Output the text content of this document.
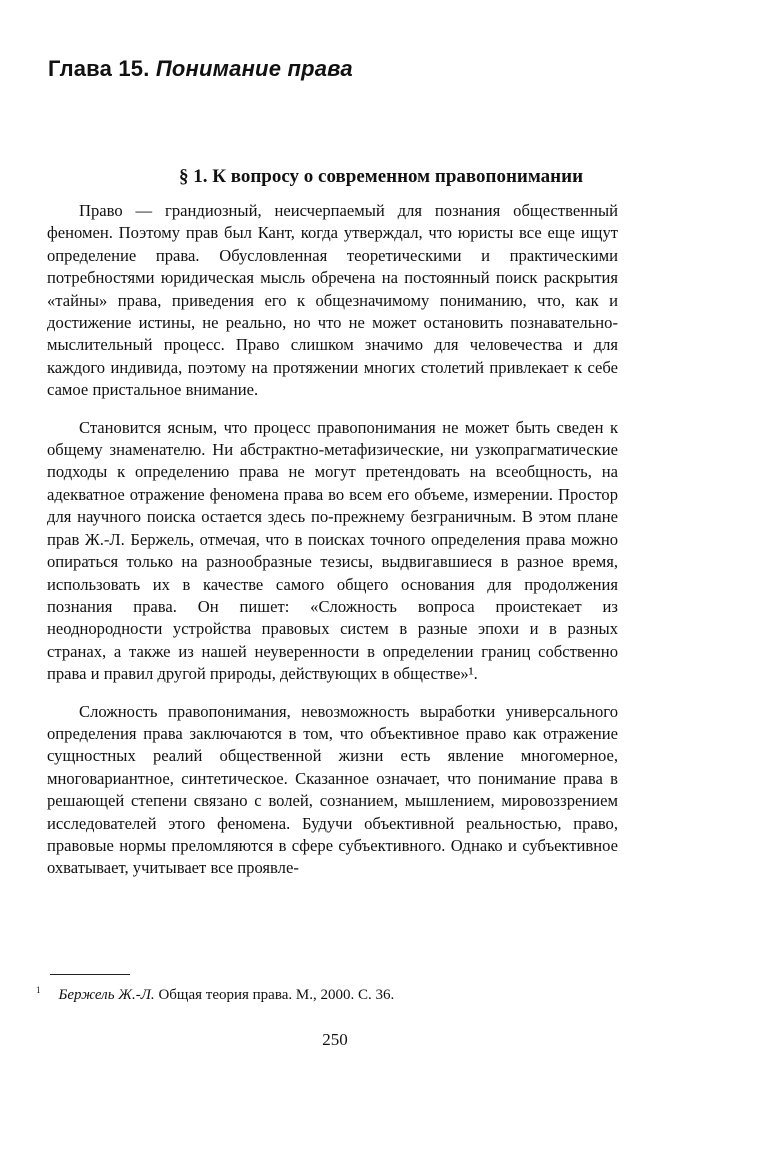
Глава 15. Понимание права
§ 1. К вопросу о современном правопонимании

Право — грандиозный, неисчерпаемый для познания общественный феномен. Поэтому прав был Кант, когда утверждал, что юристы все еще ищут определение права. Обусловленная теоретическими и практическими потребностями юридическая мысль обречена на постоянный поиск раскрытия «тайны» права, приведения его к общезначимому пониманию, что, как и достижение истины, не реально, но что не может остановить познавательно-мыслительный процесс. Право слишком значимо для человечества и для каждого индивида, поэтому на протяжении многих столетий привлекает к себе самое пристальное внимание.

Становится ясным, что процесс правопонимания не может быть сведен к общему знаменателю. Ни абстрактно-метафизические, ни узкопрагматические подходы к определению права не могут претендовать на всеобщность, на адекватное отражение феномена права во всем его объеме, измерении. Простор для научного поиска остается здесь по-прежнему безграничным. В этом плане прав Ж.-Л. Бержель, отмечая, что в поисках точного определения права можно опираться только на разнообразные тезисы, выдвигавшиеся в разное время, использовать их в качестве самого общего основания для продолжения познания права. Он пишет: «Сложность вопроса проистекает из неоднородности устройства правовых систем в разные эпохи и в разных странах, а также из нашей неуверенности в определении границ собственно права и правил другой природы, действующих в обществе»¹.

Сложность правопонимания, невозможность выработки универсального определения права заключаются в том, что объективное право как отражение сущностных реалий общественной жизни есть явление многомерное, многовариантное, синтетическое. Сказанное означает, что понимание права в решающей степени связано с волей, сознанием, мышлением, мировоззрением исследователей этого феномена. Будучи объективной реальностью, право, правовые нормы преломляются в сфере субъективного. Однако и субъективное охватывает, учитывает все проявле-

$^1$ Бержель Ж.-Л. Общая теория права. М., 2000. С. 36.
250
